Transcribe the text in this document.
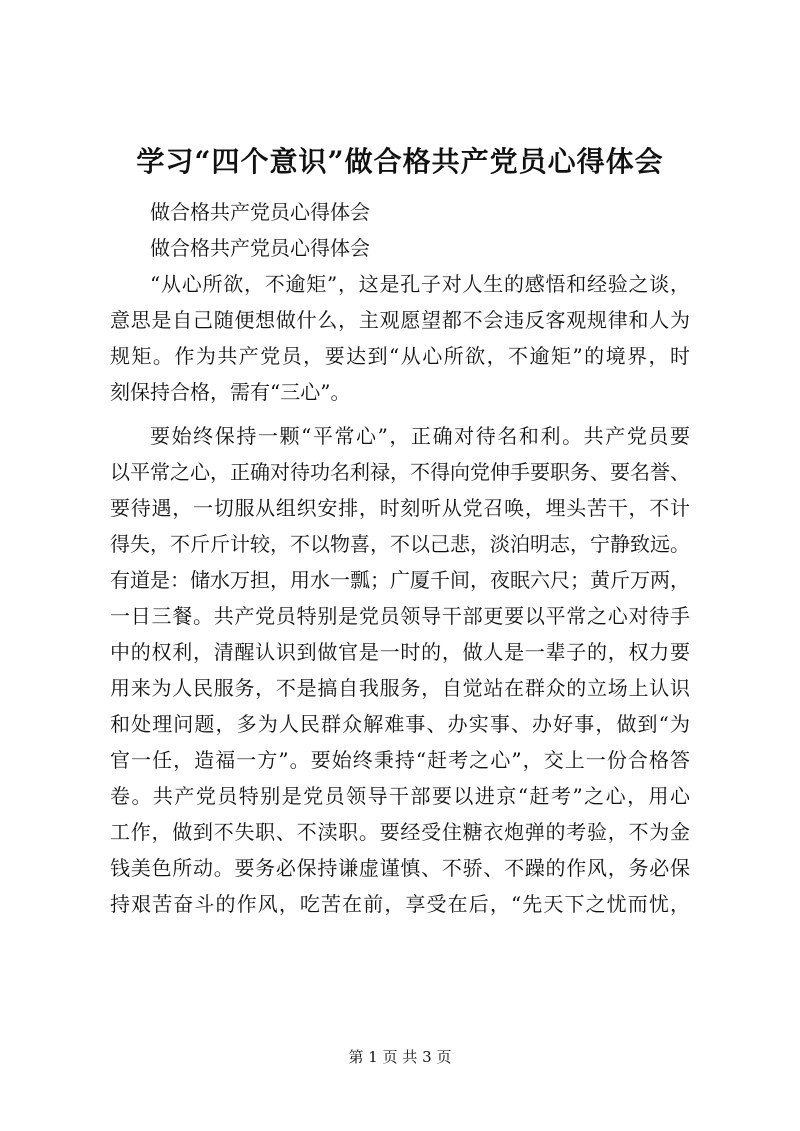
学习“四个意识”做合格共产党员心得体会

做合格共产党员心得体会

做合格共产党员心得体会

“从心所欲，不逾矩”，这是孔子对人生的感悟和经验之谈，

意思是自己随便想做什么，主观愿望都不会违反客观规律和人为

规矩。作为共产党员，要达到“从心所欲，不逾矩”的境界，时

刻保持合格，需有“三心”。

要始终保持一颗“平常心”，正确对待名和利。共产党员要

以平常之心，正确对待功名利禄，不得向党伸手要职务、要名誉、

要待遇，一切服从组织安排，时刻听从党召唤，埋头苦干，不计

得失，不斤斤计较，不以物喜，不以己悲，淡泊明志，宁静致远。

有道是：储水万担，用水一瓢；广厦千间，夜眠六尺；黄斤万两，

一日三餐。共产党员特别是党员领导干部更要以平常之心对待手

中的权利，清醒认识到做官是一时的，做人是一辈子的，权力要

用来为人民服务，不是搞自我服务，自觉站在群众的立场上认识

和处理问题，多为人民群众解难事、办实事、办好事，做到“为

官一任，造福一方”。要始终秉持“赶考之心”，交上一份合格答

卷。共产党员特别是党员领导干部要以进京“赶考”之心，用心

工作，做到不失职、不渎职。要经受住糖衣炮弹的考验，不为金

钱美色所动。要务必保持谦虚谨慎、不骄、不躁的作风，务必保

持艰苦奋斗的作风，吃苦在前，享受在后，“先天下之忧而忧，

第 1 页 共 3 页
